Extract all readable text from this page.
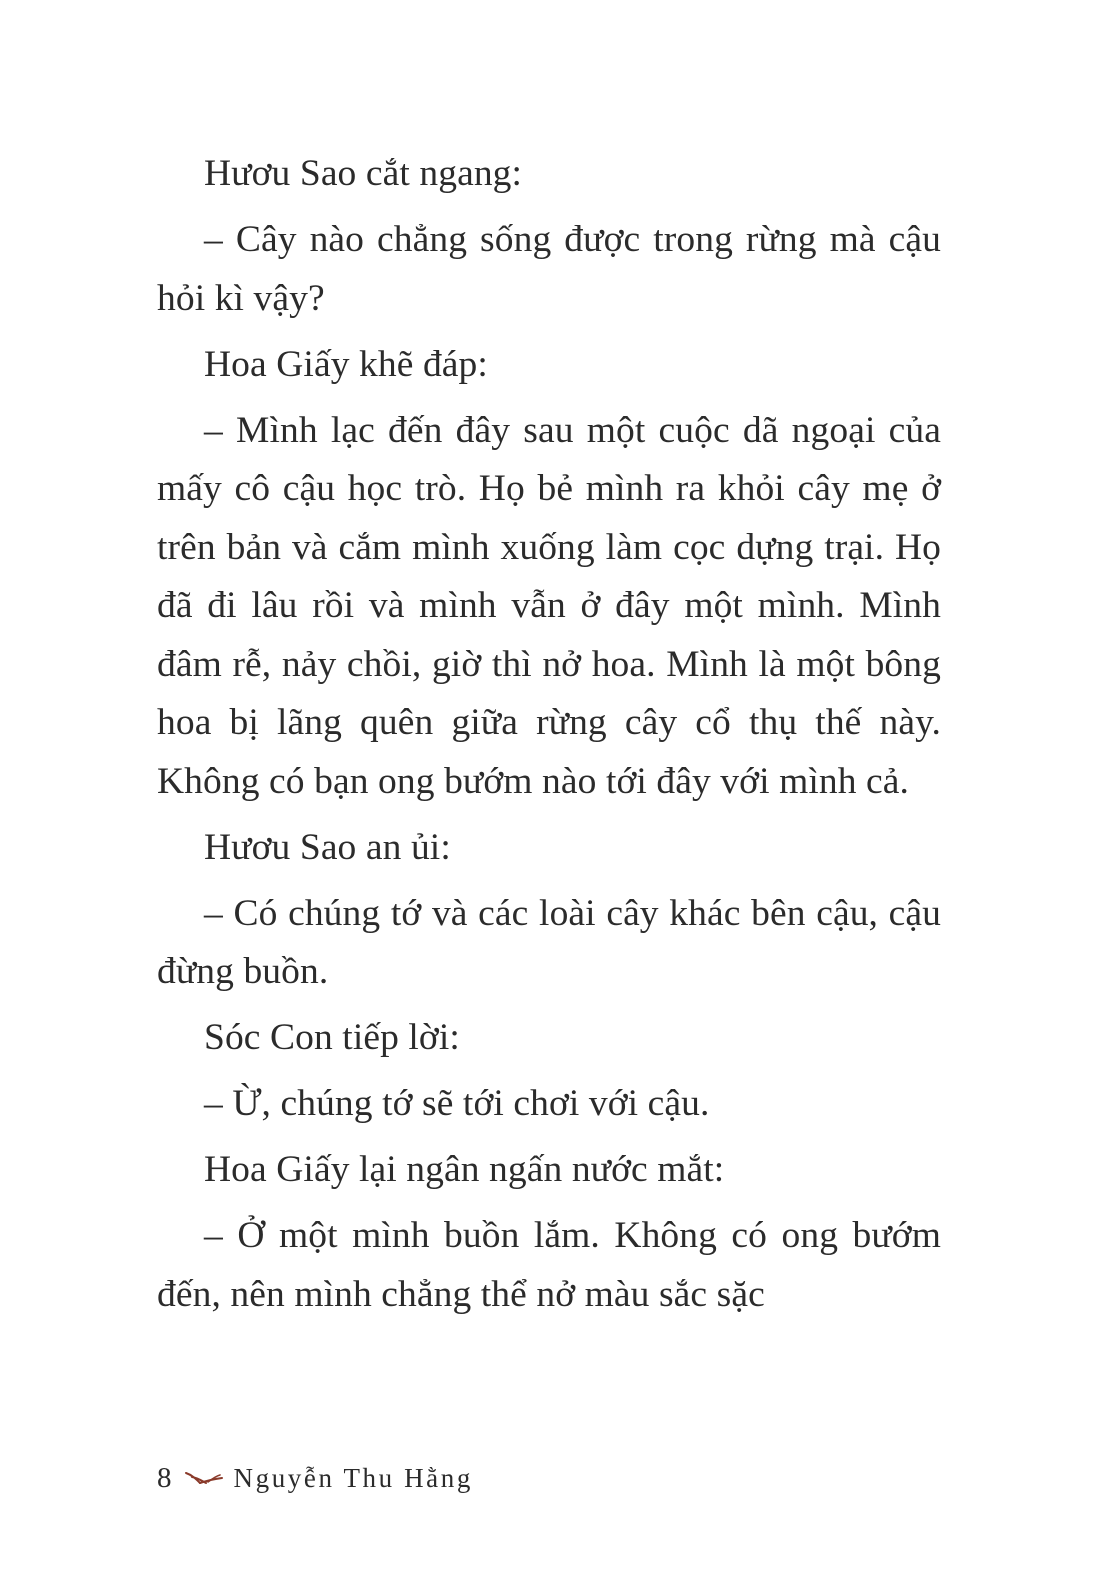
Hươu Sao cắt ngang:

– Cây nào chẳng sống được trong rừng mà cậu hỏi kì vậy?

Hoa Giấy khẽ đáp:

– Mình lạc đến đây sau một cuộc dã ngoại của mấy cô cậu học trò. Họ bẻ mình ra khỏi cây mẹ ở trên bản và cắm mình xuống làm cọc dựng trại. Họ đã đi lâu rồi và mình vẫn ở đây một mình. Mình đâm rễ, nảy chồi, giờ thì nở hoa. Mình là một bông hoa bị lãng quên giữa rừng cây cổ thụ thế này. Không có bạn ong bướm nào tới đây với mình cả.

Hươu Sao an ủi:

– Có chúng tớ và các loài cây khác bên cậu, cậu đừng buồn.

Sóc Con tiếp lời:

– Ừ, chúng tớ sẽ tới chơi với cậu.

Hoa Giấy lại ngân ngấn nước mắt:

– Ở một mình buồn lắm. Không có ong bướm đến, nên mình chẳng thể nở màu sắc sặc

8 Nguyễn Thu Hằng
